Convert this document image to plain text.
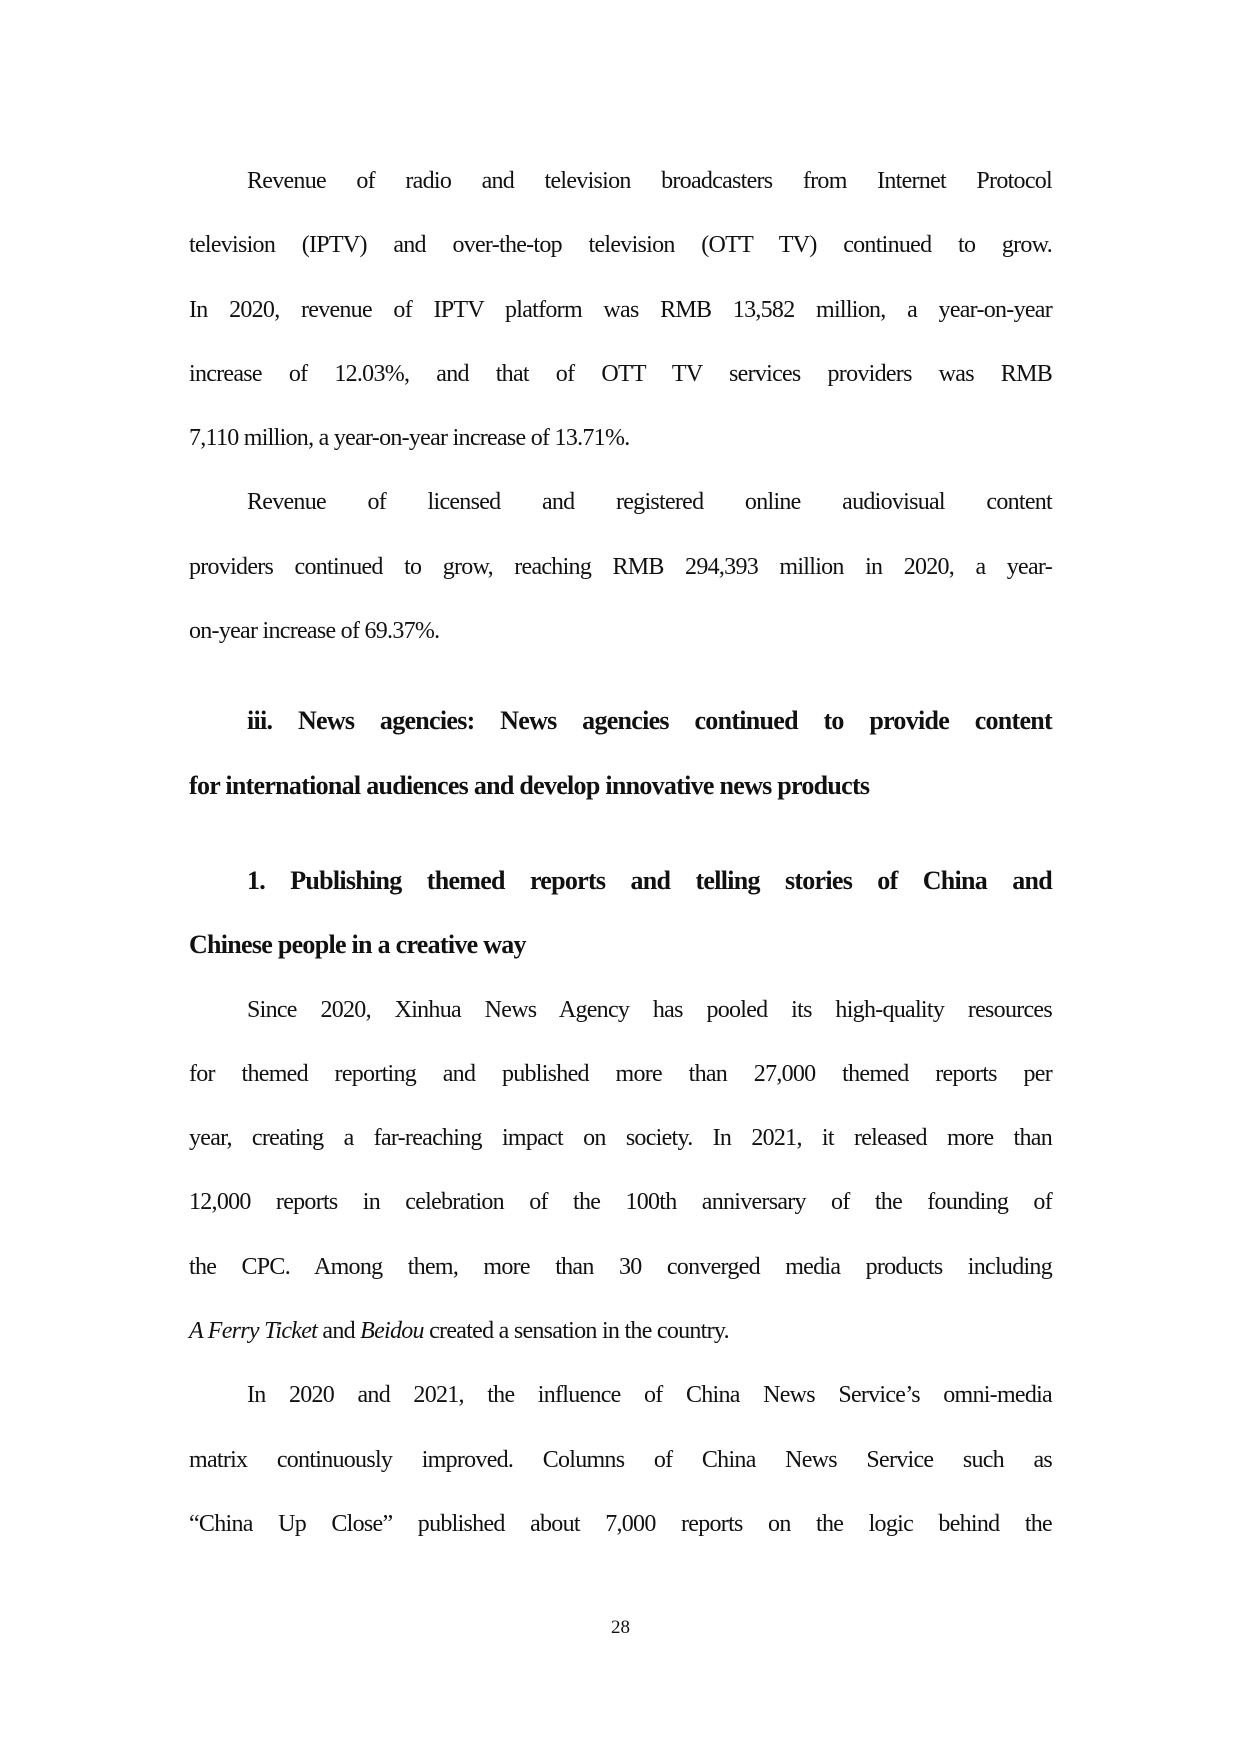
Revenue of radio and television broadcasters from Internet Protocol
television (IPTV) and over-the-top television (OTT TV) continued to grow.
In 2020, revenue of IPTV platform was RMB 13,582 million, a year-on-year
increase of 12.03%, and that of OTT TV services providers was RMB
7,110 million, a year-on-year increase of 13.71%.
Revenue of licensed and registered online audiovisual content
providers continued to grow, reaching RMB 294,393 million in 2020, a year-
on-year increase of 69.37%.
iii. News agencies: News agencies continued to provide content
for international audiences and develop innovative news products
1. Publishing themed reports and telling stories of China and
Chinese people in a creative way
Since 2020, Xinhua News Agency has pooled its high-quality resources
for themed reporting and published more than 27,000 themed reports per
year, creating a far-reaching impact on society. In 2021, it released more than
12,000 reports in celebration of the 100th anniversary of the founding of
the CPC. Among them, more than 30 converged media products including
A Ferry Ticket and Beidou created a sensation in the country.
In 2020 and 2021, the influence of China News Service’s omni-media
matrix continuously improved. Columns of China News Service such as
“China Up Close” published about 7,000 reports on the logic behind the
28
